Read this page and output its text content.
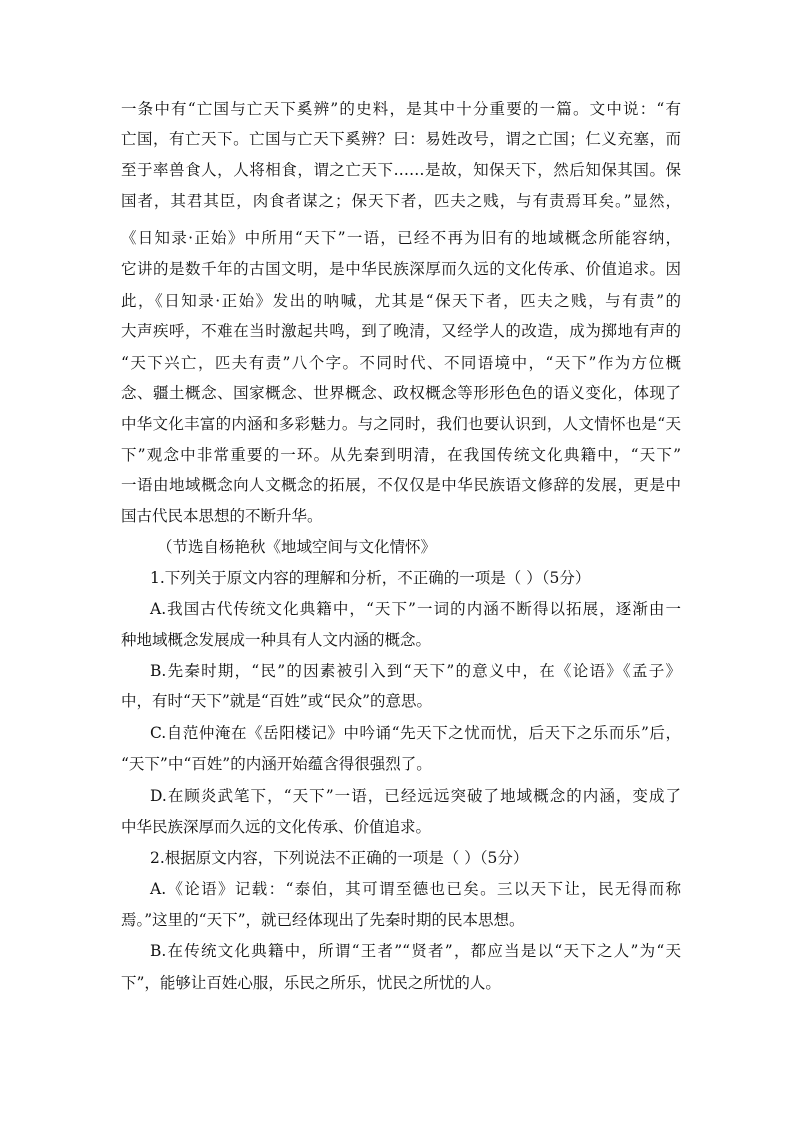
一条中有“亡国与亡天下奚辨”的史料，是其中十分重要的一篇。文中说：“有
亡国，有亡天下。亡国与亡天下奚辨？曰：易姓改号，谓之亡国；仁义充塞，而
至于率兽食人，人将相食，谓之亡天下……是故，知保天下，然后知保其国。保
国者，其君其臣，肉食者谋之；保天下者，匹夫之贱，与有责焉耳矣。”显然，
《日知录·正始》中所用“天下”一语，已经不再为旧有的地域概念所能容纳，
它讲的是数千年的古国文明，是中华民族深厚而久远的文化传承、价值追求。因
此，《日知录·正始》发出的呐喊，尤其是“保天下者，匹夫之贱，与有责”的
大声疾呼，不难在当时激起共鸣，到了晚清，又经学人的改造，成为掷地有声的
“天下兴亡，匹夫有责”八个字。不同时代、不同语境中，“天下”作为方位概
念、疆土概念、国家概念、世界概念、政权概念等形形色色的语义变化，体现了
中华文化丰富的内涵和多彩魅力。与之同时，我们也要认识到，人文情怀也是“天
下”观念中非常重要的一环。从先秦到明清，在我国传统文化典籍中，“天下”
一语由地域概念向人文概念的拓展，不仅仅是中华民族语文修辞的发展，更是中
国古代民本思想的不断升华。
（节选自杨艳秋《地域空间与文化情怀》
1.下列关于原文内容的理解和分析，不正确的一项是（ ）（5分）
A.我国古代传统文化典籍中，“天下”一词的内涵不断得以拓展，逐渐由一
种地域概念发展成一种具有人文内涵的概念。
B.先秦时期，“民”的因素被引入到“天下”的意义中，在《论语》《孟子》
中，有时“天下”就是“百姓”或“民众”的意思。
C.自范仲淹在《岳阳楼记》中吟诵“先天下之忧而忧，后天下之乐而乐”后，
“天下”中“百姓”的内涵开始蕴含得很强烈了。
D.在顾炎武笔下，“天下”一语，已经远远突破了地域概念的内涵，变成了
中华民族深厚而久远的文化传承、价值追求。
2.根据原文内容，下列说法不正确的一项是（ ）（5分）
A.《论语》记载：“泰伯，其可谓至德也已矣。三以天下让，民无得而称
焉。”这里的“天下”，就已经体现出了先秦时期的民本思想。
B.在传统文化典籍中，所谓“王者”“贤者”，都应当是以“天下之人”为“天
下”，能够让百姓心服，乐民之所乐，忧民之所忧的人。
